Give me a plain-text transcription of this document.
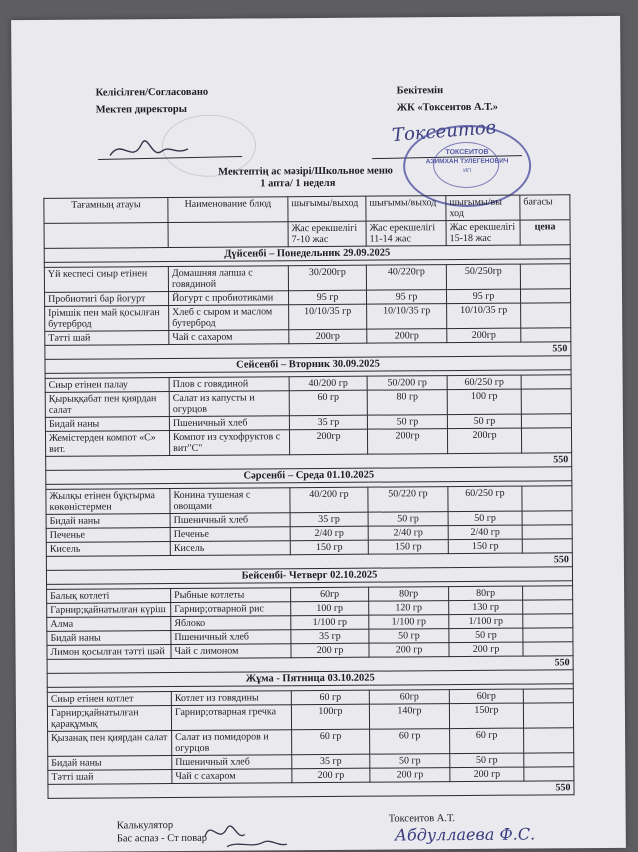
Келісілген/Согласовано
Мектеп директоры
Бекітемін
ЖК «Токсеитов А.Т.»
Токсеитов
ТОКСЕИТОВ
АЗИМХАН ТУЛЕГЕНОВИЧ
ИП
Мектептің ас мәзірі/Школьное меню
1 апта/ 1 неделя
Тағамның атауы	Наименование блюд	шығымы/выход	шығымы/выход	шығымы/вы ход	бағасы
		Жас ерекшелігі 7-10 жас	Жас ерекшелігі 11-14 жас	Жас ерекшелігі 15-18 жас	цена
Дүйсенбі – Понедельник 29.09.2025					

Үй кеспесі сиыр етінен	Домашняя лапша с говядиной	30/200гр	40/220гр	50/250гр	
Пробиотигі бар йогурт	Йогурт с пробиотиками	95 гр	95 гр	95 гр	
Ірімшік пен май қосылған бутерброд	Хлеб с сыром и маслом бутерброд	10/10/35 гр	10/10/35 гр	10/10/35 гр	
Тәтті шай	Чай с сахаром	200гр	200гр	200гр	
550					
Сейсенбі – Вторник 30.09.2025					

Сиыр етінен палау	Плов с говядиной	40/200 гр	50/200 гр	60/250 гр	
Қырыққабат пен қиярдан салат	Салат из капусты и огурцов	60 гр	80 гр	100 гр	
Бидай наны	Пшеничный хлеб	35 гр	50 гр	50 гр	
Жемістерден компот «С» вит.	Компот из сухофруктов с вит"С"	200гр	200гр	200гр	
550					
Сәрсенбі – Среда 01.10.2025					

Жылқы етінен бұқтырма көкөністермен	Конина тушеная с овощами	40/200 гр	50/220 гр	60/250 гр	
Бидай наны	Пшеничный хлеб	35 гр	50 гр	50 гр	
Печенье	Печенье	2/40 гр	2/40 гр	2/40 гр	
Кисель	Кисель	150 гр	150 гр	150 гр	
550					
Бейсенбі- Четверг 02.10.2025					

Балық котлеті	Рыбные котлеты	60гр	80гр	80гр	
Гарнир;қайнатылған күріш	Гарнир;отварной рис	100 гр	120 гр	130 гр	
Алма	Яблоко	1/100 гр	1/100 гр	1/100 гр	
Бидай наны	Пшеничный хлеб	35 гр	50 гр	50 гр	
Лимон қосылған тәтті шәй	Чай с лимоном	200 гр	200 гр	200 гр	
550					
Жұма - Пятница 03.10.2025					

Сиыр етінен котлет	Котлет из говядины	60 гр	60гр	60гр	
Гарнир;қайнатылған қарақұмық	Гарнир;отварная гречка	100гр	140гр	150гр	
Қызанақ пен қиярдан салат	Салат из помидоров и огурцов	60 гр	60 гр	60 гр	
Бидай наны	Пшеничный хлеб	35 гр	50 гр	50 гр	
Тәтті шай	Чай с сахаром	200 гр	200 гр	200 гр	
550					
Калькулятор
Бас аспаз - Ст повар
Токсеитов А.Т.
Абдуллаева Ф.С.
